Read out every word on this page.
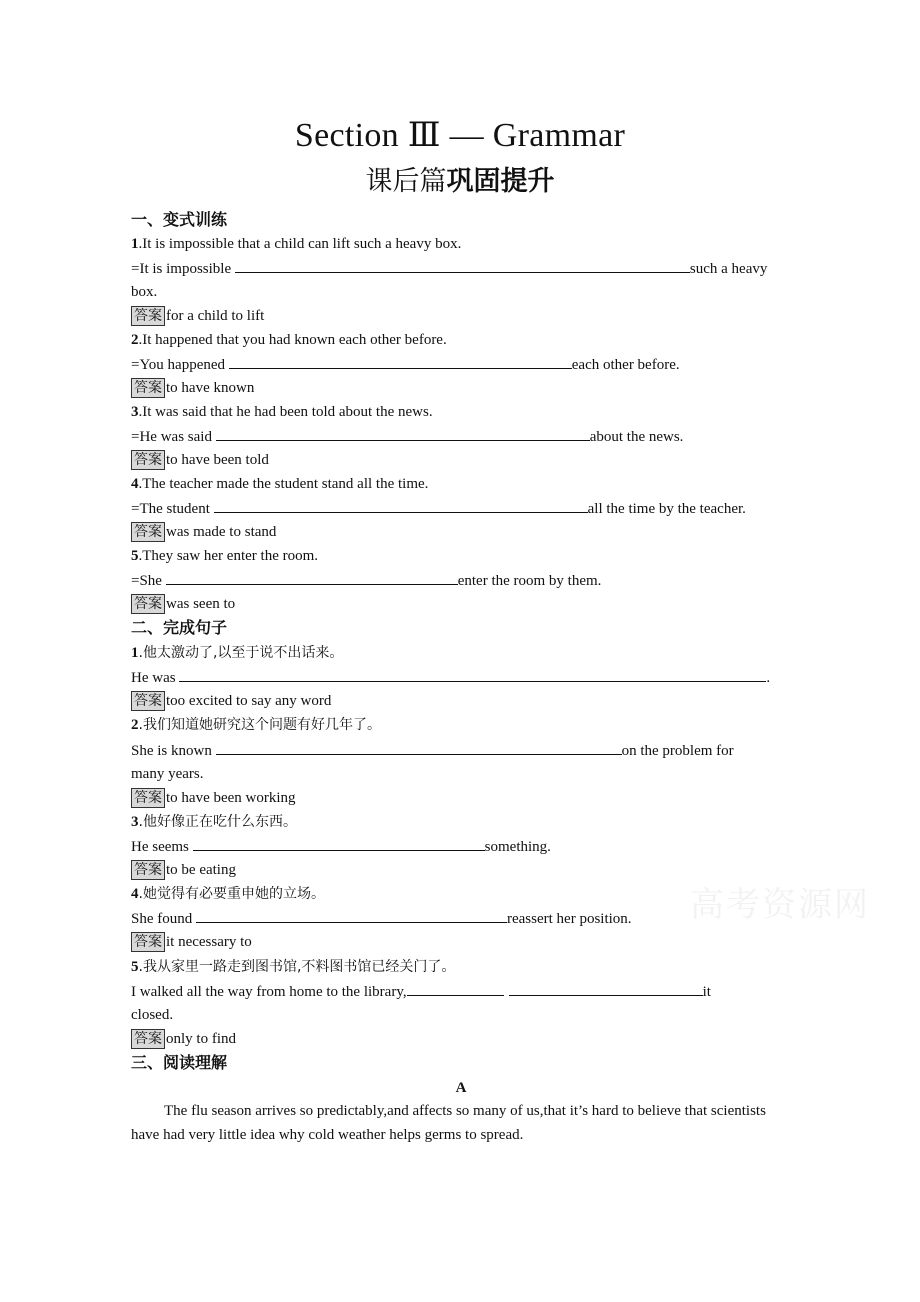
Section Ⅲ — Grammar
课后篇巩固提升
一、变式训练
1.It is impossible that a child can lift such a heavy box.
=It is impossible	such a heavy
box.
答案 for a child to lift
2.It happened that you had known each other before.
=You happened	each other before.
答案 to have known
3.It was said that he had been told about the news.
=He was said	about the news.
答案 to have been told
4.The teacher made the student stand all the time.
=The student	all the time by the teacher.
答案 was made to stand
5.They saw her enter the room.
=She	enter the room by them.
答案 was seen to
二、完成句子
1.他太激动了,以至于说不出话来。
He was	.
答案 too excited to say any word
2.我们知道她研究这个问题有好几年了。
She is known	on the problem for
many years.
答案 to have been working
3.他好像正在吃什么东西。
He seems	something.
答案 to be eating
4.她觉得有必要重申她的立场。
She found	reassert her position.
答案 it necessary to
5.我从家里一路走到图书馆,不料图书馆已经关门了。
I walked all the way from home to the library,	it
closed.
答案 only to find
三、阅读理解
A
The flu season arrives so predictably,and affects so many of us,that it’s hard to believe that scientists have had very little idea why cold weather helps germs to spread.
高考资源网
